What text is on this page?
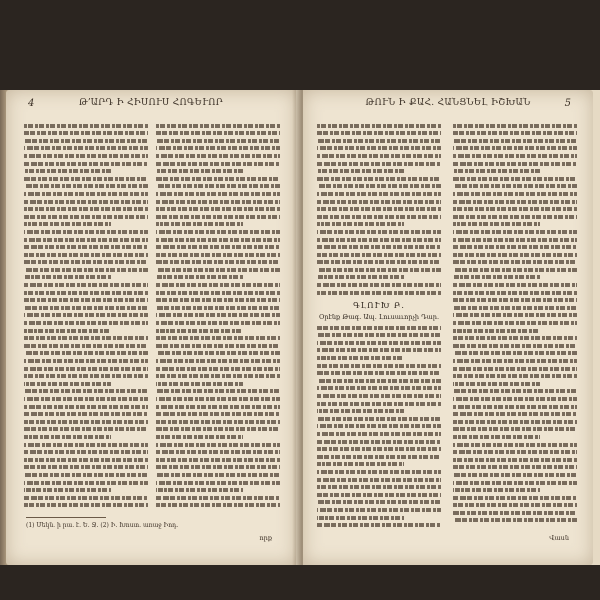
4	Թ՚ԱՐԴ Ի ՀԻՍՈՒՍ ՀՈԳԵՒՈՐ
(1) Մեկն. ի րա. է. Ե. Ջ. (2) Ի. Խոստ. առաջ Իոդ.
որք
ԹՈՒՆ Ի ՔԱՀ. ՀԱՆՑՆԵԼ ԻՇԽԱՆ	5
ԳԼՈՒԽ Բ.
Օրէնք Թագ. Ապ. Լուսաւորչի Դար.
Վասն
